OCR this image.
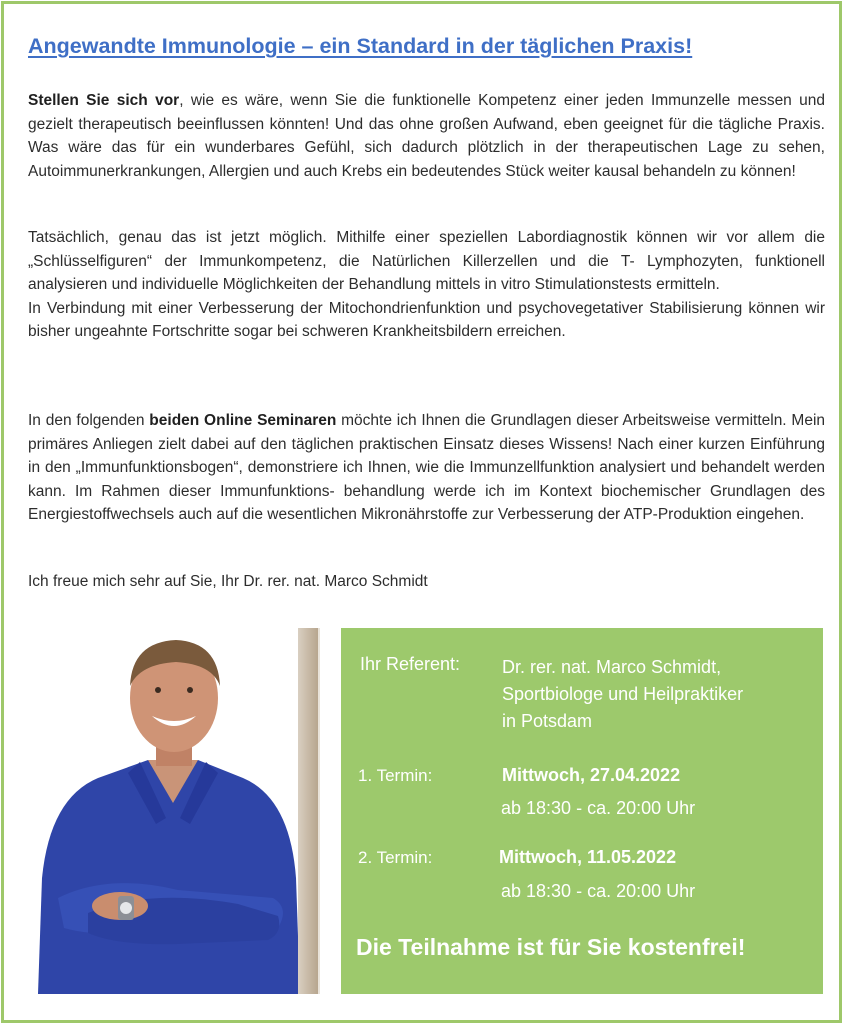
Angewandte Immunologie – ein Standard in der täglichen Praxis!

Stellen Sie sich vor, wie es wäre, wenn Sie die funktionelle Kompetenz einer jeden Immunzelle messen und gezielt therapeutisch beeinflussen könnten! Und das ohne großen Aufwand, eben geeignet für die tägliche Praxis. Was wäre das für ein wunderbares Gefühl, sich dadurch plötzlich in der therapeutischen Lage zu sehen, Autoimmunerkrankungen, Allergien und auch Krebs ein bedeutendes Stück weiter kausal behandeln zu können!

Tatsächlich, genau das ist jetzt möglich. Mithilfe einer speziellen Labordiagnostik können wir vor allem die „Schlüsselfiguren“ der Immunkompetenz, die Natürlichen Killerzellen und die T- Lymphozyten, funktionell analysieren und individuelle Möglichkeiten der Behandlung mittels in vitro Stimulationstests ermitteln.
In Verbindung mit einer Verbesserung der Mitochondrienfunktion und psychovegetativer Stabilisierung können wir bisher ungeahnte Fortschritte sogar bei schweren Krankheitsbildern erreichen.

In den folgenden beiden Online Seminaren möchte ich Ihnen die Grundlagen dieser Arbeitsweise vermitteln. Mein primäres Anliegen zielt dabei auf den täglichen praktischen Einsatz dieses Wissens! Nach einer kurzen Einführung in den „Immunfunktionsbogen“, demonstriere ich Ihnen, wie die Immunzellfunktion analysiert und behandelt werden kann. Im Rahmen dieser Immunfunktions- behandlung werde ich im Kontext biochemischer Grundlagen des Energiestoffwechsels auch auf die wesentlichen Mikronährstoffe zur Verbesserung der ATP-Produktion eingehen.

Ich freue mich sehr auf Sie, Ihr Dr. rer. nat. Marco Schmidt

Ihr Referent: Dr. rer. nat. Marco Schmidt,
Sportbiologe und Heilpraktiker
in Potsdam
1. Termin:	Mittwoch, 27.04.2022
ab 18:30 - ca. 20:00 Uhr
2. Termin:	Mittwoch, 11.05.2022
ab 18:30 - ca. 20:00 Uhr
Die Teilnahme ist für Sie kostenfrei!
